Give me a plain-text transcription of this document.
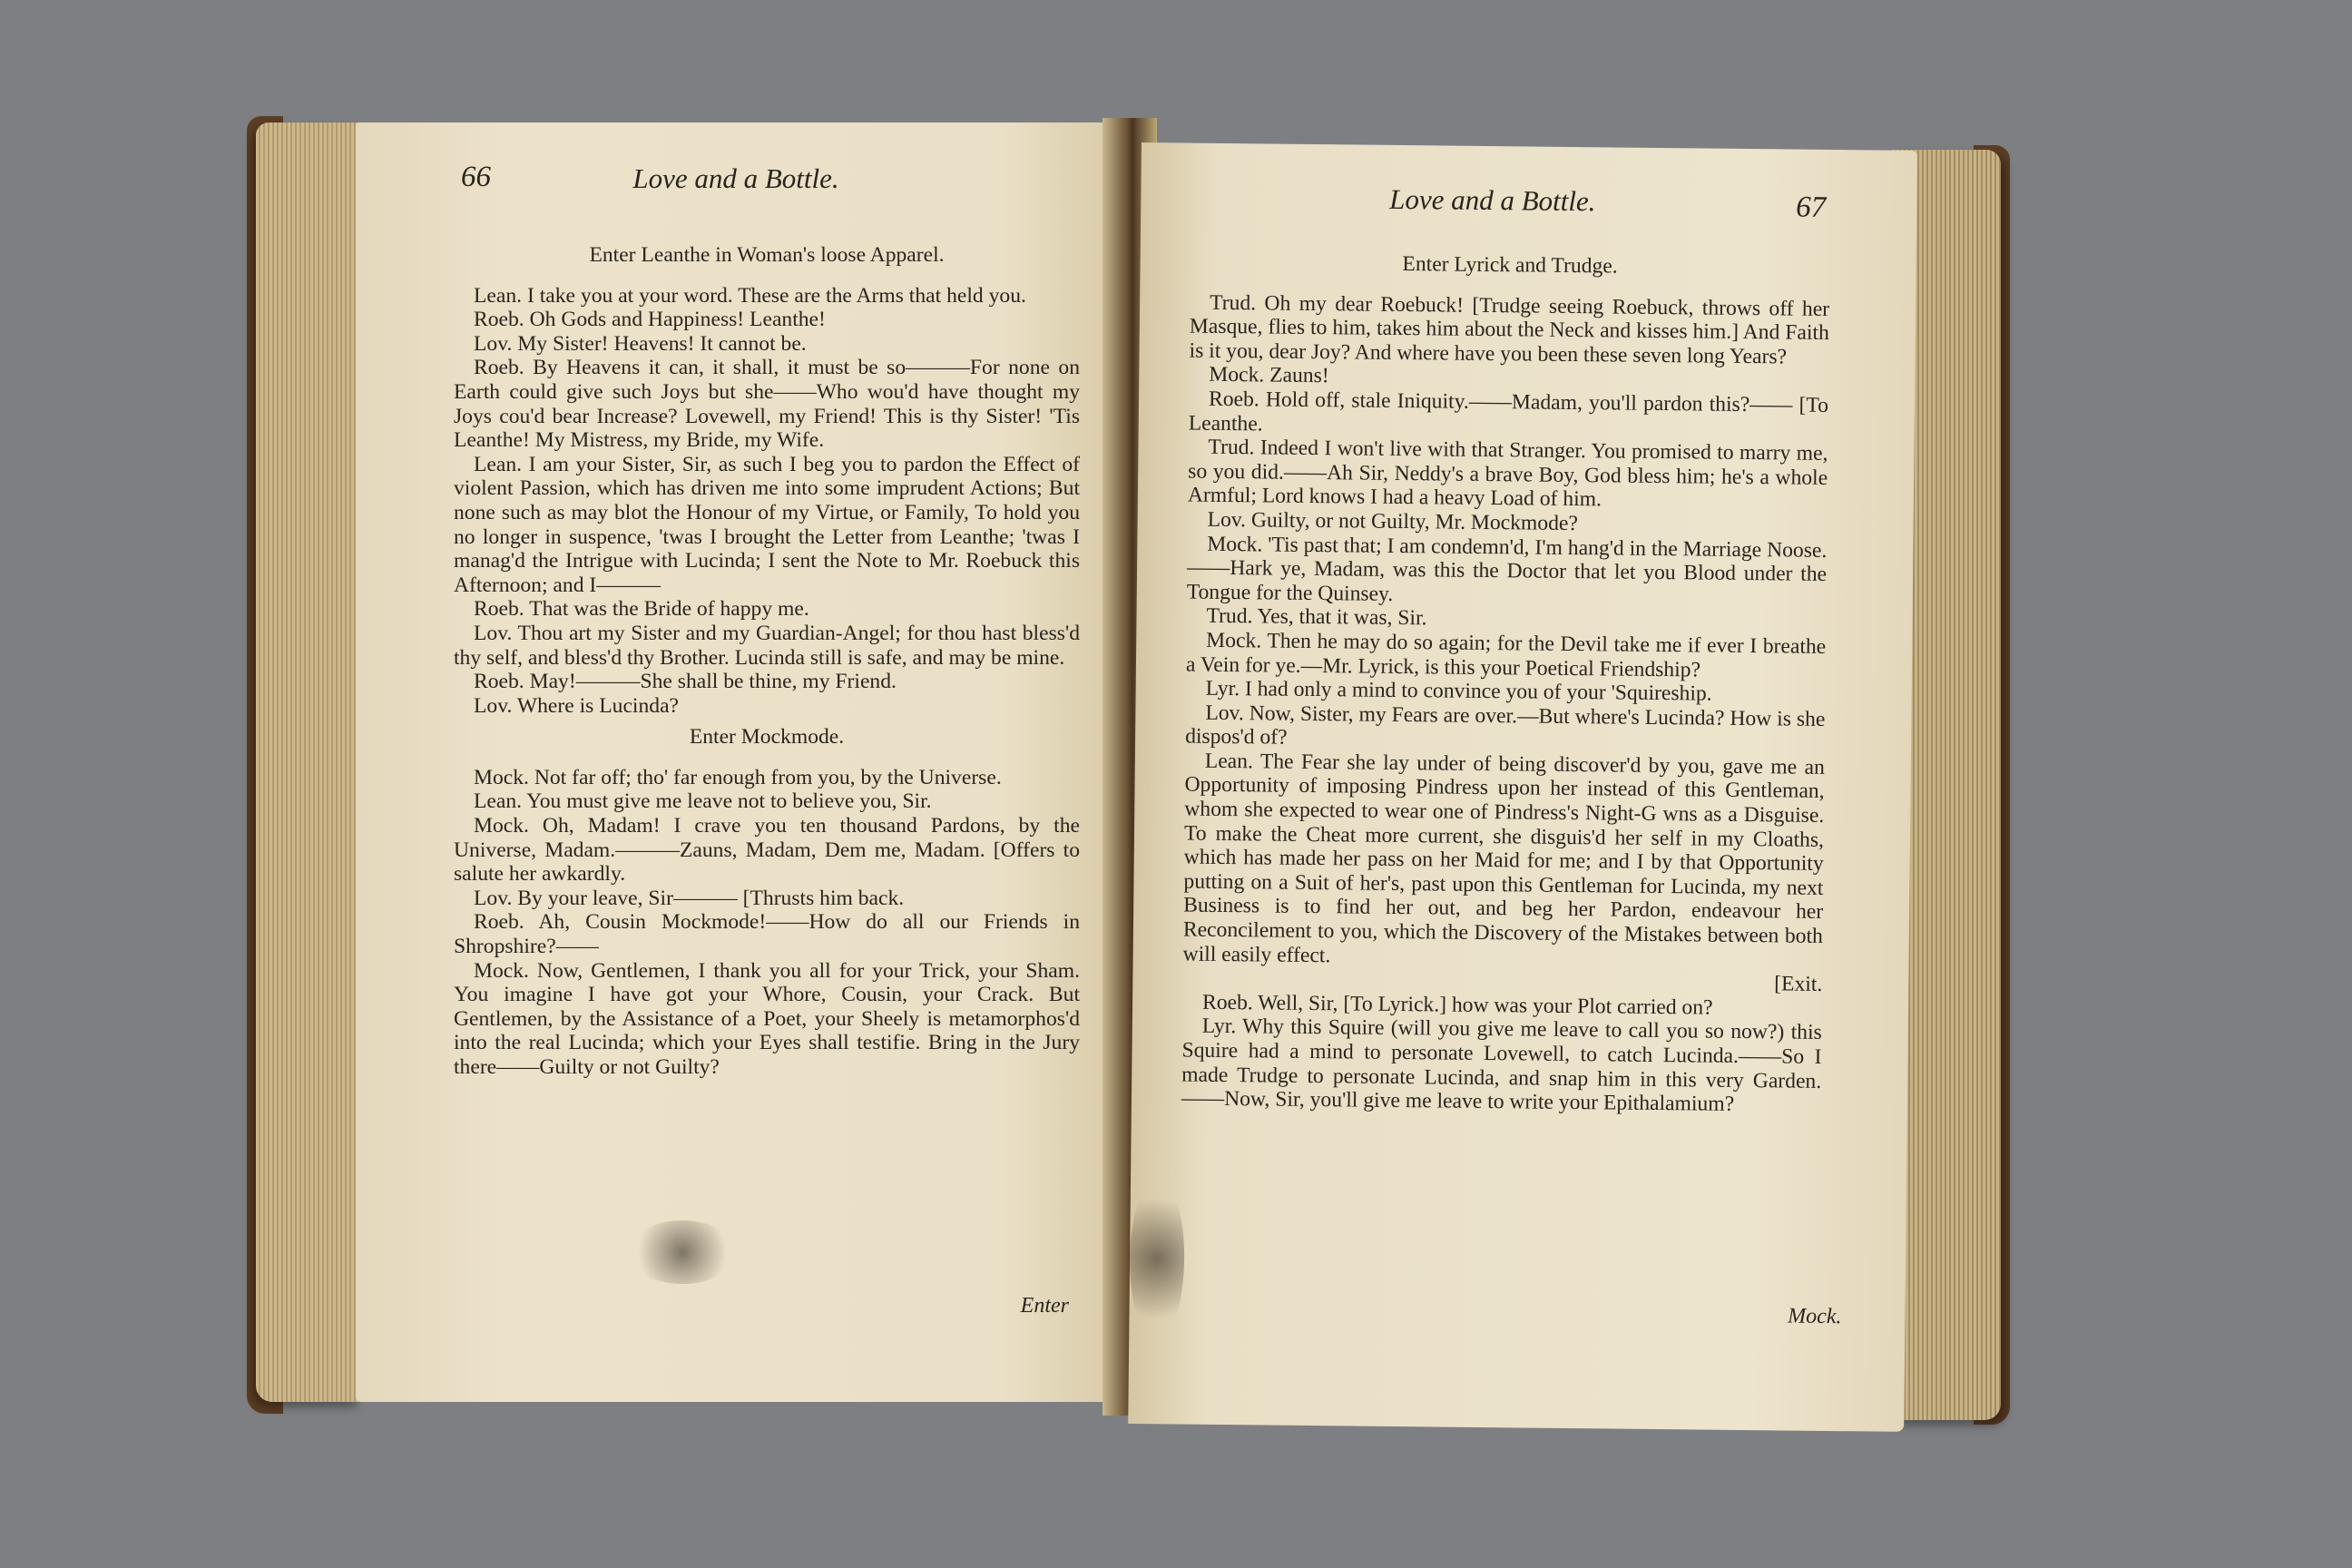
66	Love and a Bottle.

Enter Leanthe in Woman's loose Apparel.

Lean. I take you at your word. These are the Arms that held you.

Roeb. Oh Gods and Happiness! Leanthe!

Lov. My Sister! Heavens! It cannot be.

Roeb. By Heavens it can, it shall, it must be so———For none on Earth could give such Joys but she——Who wou'd have thought my Joys cou'd bear Increase? Lovewell, my Friend! This is thy Sister! 'Tis Leanthe! My Mistress, my Bride, my Wife.

Lean. I am your Sister, Sir, as such I beg you to pardon the Effect of violent Passion, which has driven me into some imprudent Actions; But none such as may blot the Honour of my Virtue, or Family, To hold you no longer in suspence, 'twas I brought the Letter from Leanthe; 'twas I manag'd the Intrigue with Lucinda; I sent the Note to Mr. Roebuck this Afternoon; and I———

Roeb. That was the Bride of happy me.

Lov. Thou art my Sister and my Guardian-Angel; for thou hast bless'd thy self, and bless'd thy Brother. Lucinda still is safe, and may be mine.

Roeb. May!———She shall be thine, my Friend.

Lov. Where is Lucinda?

Enter Mockmode.

Mock. Not far off; tho' far enough from you, by the Universe.

Lean. You must give me leave not to believe you, Sir.

Mock. Oh, Madam! I crave you ten thousand Pardons, by the Universe, Madam.———Zauns, Madam, Dem me, Madam. [Offers to salute her awkardly.

Lov. By your leave, Sir——— [Thrusts him back.

Roeb. Ah, Cousin Mockmode!——How do all our Friends in Shropshire?——

Mock. Now, Gentlemen, I thank you all for your Trick, your Sham. You imagine I have got your Whore, Cousin, your Crack. But Gentlemen, by the Assistance of a Poet, your Sheely is metamorphos'd into the real Lucinda; which your Eyes shall testifie. Bring in the Jury there——Guilty or not Guilty?

Enter
Love and a Bottle.	67

Enter Lyrick and Trudge.

Trud. Oh my dear Roebuck! [Trudge seeing Roebuck, throws off her Masque, flies to him, takes him about the Neck and kisses him.] And Faith is it you, dear Joy? And where have you been these seven long Years?

Mock. Zauns!

Roeb. Hold off, stale Iniquity.——Madam, you'll pardon this?—— [To Leanthe.

Trud. Indeed I won't live with that Stranger. You promised to marry me, so you did.——Ah Sir, Neddy's a brave Boy, God bless him; he's a whole Armful; Lord knows I had a heavy Load of him.

Lov. Guilty, or not Guilty, Mr. Mockmode?

Mock. 'Tis past that; I am condemn'd, I'm hang'd in the Marriage Noose.——Hark ye, Madam, was this the Doctor that let you Blood under the Tongue for the Quinsey.

Trud. Yes, that it was, Sir.

Mock. Then he may do so again; for the Devil take me if ever I breathe a Vein for ye.—Mr. Lyrick, is this your Poetical Friendship?

Lyr. I had only a mind to convince you of your 'Squireship.

Lov. Now, Sister, my Fears are over.—But where's Lucinda? How is she dispos'd of?

Lean. The Fear she lay under of being discover'd by you, gave me an Opportunity of imposing Pindress upon her instead of this Gentleman, whom she expected to wear one of Pindress's Night-G wns as a Disguise. To make the Cheat more current, she disguis'd her self in my Cloaths, which has made her pass on her Maid for me; and I by that Opportunity putting on a Suit of her's, past upon this Gentleman for Lucinda, my next Business is to find her out, and beg her Pardon, endeavour her Reconcilement to you, which the Discovery of the Mistakes between both will easily effect.

[Exit.

Roeb. Well, Sir, [To Lyrick.] how was your Plot carried on?

Lyr. Why this Squire (will you give me leave to call you so now?) this Squire had a mind to personate Lovewell, to catch Lucinda.——So I made Trudge to personate Lucinda, and snap him in this very Garden.——Now, Sir, you'll give me leave to write your Epithalamium?

Mock.
